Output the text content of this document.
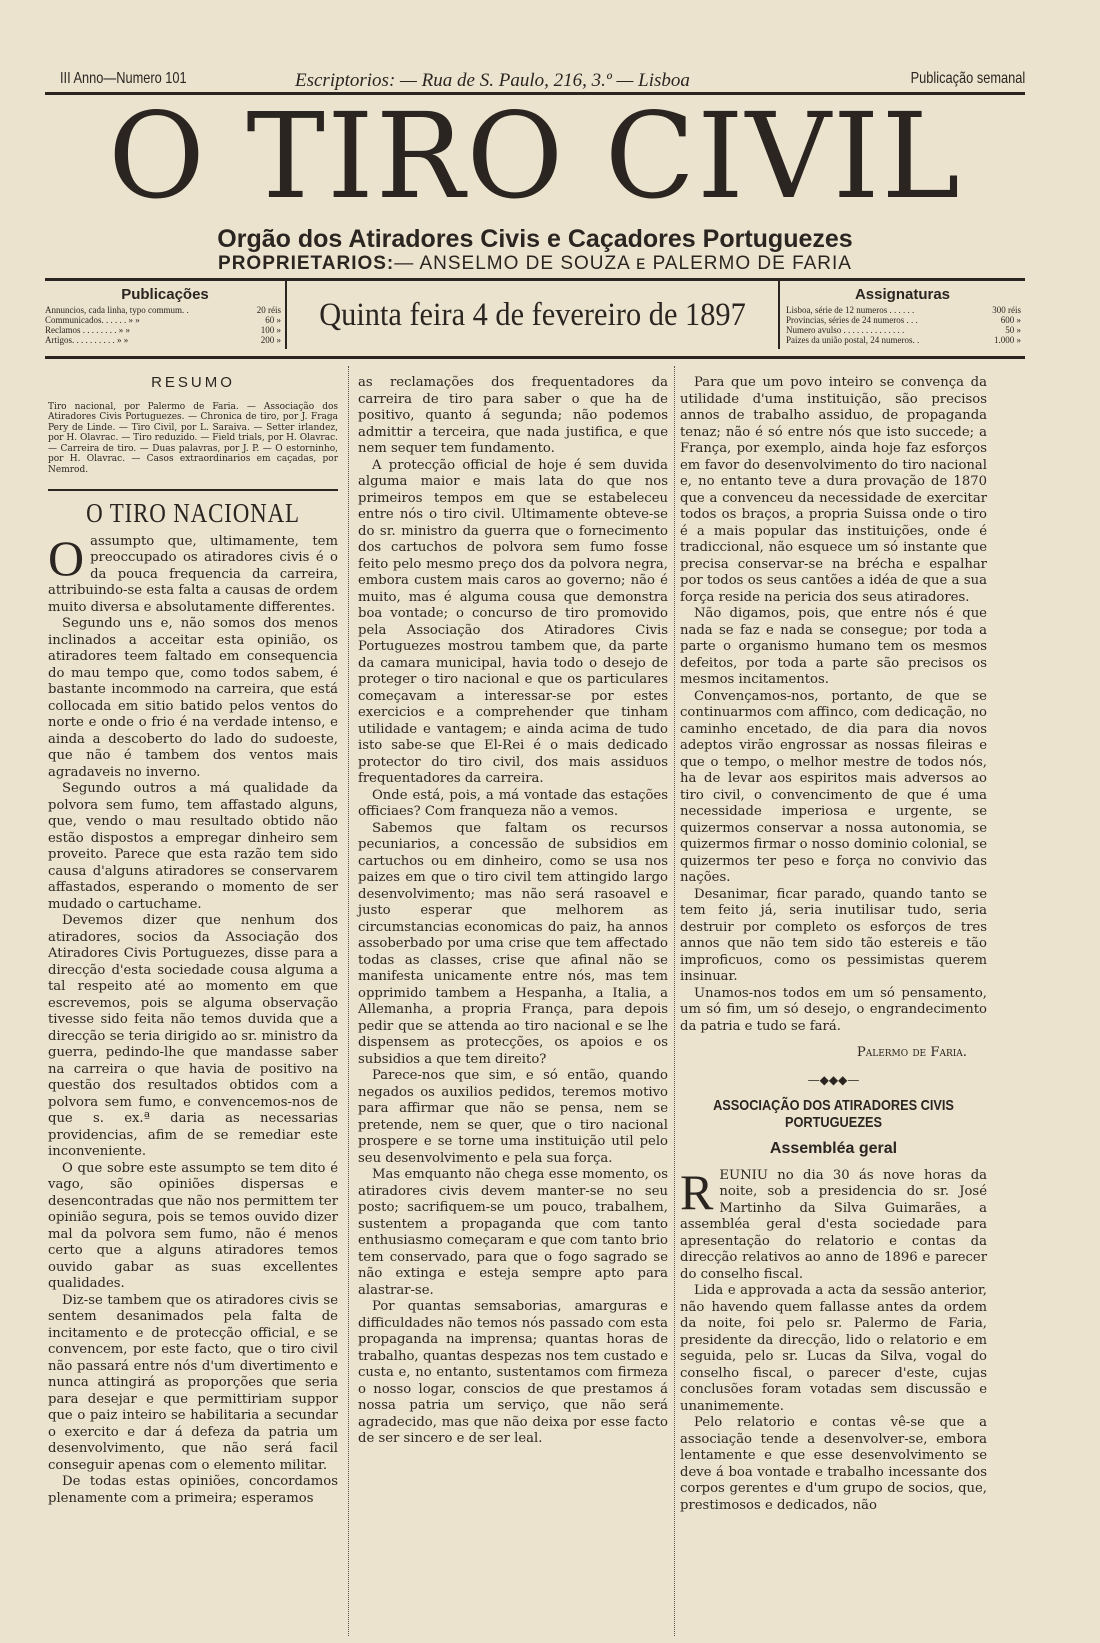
III Anno—Numero 101	Escriptorios: — Rua de S. Paulo, 216, 3.º — Lisboa	Publicação semanal
O TIRO CIVIL
Orgão dos Atiradores Civis e Caçadores Portuguezes
PROPRIETARIOS:— ANSELMO DE SOUZA ᴇ PALERMO DE FARIA
Publicações
Annuncios, cada linha, typo commum. .	20 réis
Communicados. . . . . . » »	60 »
Reclamos . . . . . . . . » »	100 »
Artigos. . . . . . . . . . » »	200 »
Quinta feira 4 de fevereiro de 1897
Assignaturas
Lisboa, série de 12 numeros . . . . . .	300 réis
Provincias, séries de 24 numeros . . .	600 »
Numero avulso . . . . . . . . . . . . . .	50 »
Paizes da união postal, 24 numeros. .	1.000 »
RESUMO
Tiro nacional, por Palermo de Faria. — Associação dos Atiradores Civis Portuguezes. — Chronica de tiro, por J. Fraga Pery de Linde. — Tiro Civil, por L. Saraiva. — Setter irlandez, por H. Olavrac. — Tiro reduzido. — Field trials, por H. Olavrac. — Carreira de tiro. — Duas palavras, por J. P. — O estorninho, por H. Olavrac. — Casos extraordinarios em caçadas, por Nemrod.
O TIRO NACIONAL
O assumpto que, ultimamente, tem preoccupado os atiradores civis é o da pouca frequencia da carreira, attribuindo-se esta falta a causas de ordem muito diversa e absolutamente differentes.

Segundo uns e, não somos dos menos inclinados a acceitar esta opinião, os atiradores teem faltado em consequencia do mau tempo que, como todos sabem, é bastante incommodo na carreira, que está collocada em sitio batido pelos ventos do norte e onde o frio é na verdade intenso, e ainda a descoberto do lado do sudoeste, que não é tambem dos ventos mais agradaveis no inverno.

Segundo outros a má qualidade da polvora sem fumo, tem affastado alguns, que, vendo o mau resultado obtido não estão dispostos a empregar dinheiro sem proveito. Parece que esta razão tem sido causa d'alguns atiradores se conservarem affastados, esperando o momento de ser mudado o cartuchame.

Devemos dizer que nenhum dos atiradores, socios da Associação dos Atiradores Civis Portuguezes, disse para a direcção d'esta sociedade cousa alguma a tal respeito até ao momento em que escrevemos, pois se alguma observação tivesse sido feita não temos duvida que a direcção se teria dirigido ao sr. ministro da guerra, pedindo-lhe que mandasse saber na carreira o que havia de positivo na questão dos resultados obtidos com a polvora sem fumo, e convencemos-nos de que s. ex.ª daria as necessarias providencias, afim de se remediar este inconveniente.

O que sobre este assumpto se tem dito é vago, são opiniões dispersas e desencontradas que não nos permittem ter opinião segura, pois se temos ouvido dizer mal da polvora sem fumo, não é menos certo que a alguns atiradores temos ouvido gabar as suas excellentes qualidades.

Diz-se tambem que os atiradores civis se sentem desanimados pela falta de incitamento e de protecção official, e se convencem, por este facto, que o tiro civil não passará entre nós d'um divertimento e nunca attingirá as proporções que seria para desejar e que permittiriam suppor que o paiz inteiro se habilitaria a secundar o exercito e dar á defeza da patria um desenvolvimento, que não será facil conseguir apenas com o elemento militar.

De todas estas opiniões, concordamos plenamente com a primeira; esperamos

as reclamações dos frequentadores da carreira de tiro para saber o que ha de positivo, quanto á segunda; não podemos admittir a terceira, que nada justifica, e que nem sequer tem fundamento.

A protecção official de hoje é sem duvida alguma maior e mais lata do que nos primeiros tempos em que se estabeleceu entre nós o tiro civil. Ultimamente obteve-se do sr. ministro da guerra que o fornecimento dos cartuchos de polvora sem fumo fosse feito pelo mesmo preço dos da polvora negra, embora custem mais caros ao governo; não é muito, mas é alguma cousa que demonstra boa vontade; o concurso de tiro promovido pela Associação dos Atiradores Civis Portuguezes mostrou tambem que, da parte da camara municipal, havia todo o desejo de proteger o tiro nacional e que os particulares começavam a interessar-se por estes exercicios e a comprehender que tinham utilidade e vantagem; e ainda acima de tudo isto sabe-se que El-Rei é o mais dedicado protector do tiro civil, dos mais assiduos frequentadores da carreira.

Onde está, pois, a má vontade das estações officiaes? Com franqueza não a vemos.

Sabemos que faltam os recursos pecuniarios, a concessão de subsidios em cartuchos ou em dinheiro, como se usa nos paizes em que o tiro civil tem attingido largo desenvolvimento; mas não será rasoavel e justo esperar que melhorem as circumstancias economicas do paiz, ha annos assoberbado por uma crise que tem affectado todas as classes, crise que afinal não se manifesta unicamente entre nós, mas tem opprimido tambem a Hespanha, a Italia, a Allemanha, a propria França, para depois pedir que se attenda ao tiro nacional e se lhe dispensem as protecções, os apoios e os subsidios a que tem direito?

Parece-nos que sim, e só então, quando negados os auxilios pedidos, teremos motivo para affirmar que não se pensa, nem se pretende, nem se quer, que o tiro nacional prospere e se torne uma instituição util pelo seu desenvolvimento e pela sua força.

Mas emquanto não chega esse momento, os atiradores civis devem manter-se no seu posto; sacrifiquem-se um pouco, trabalhem, sustentem a propaganda que com tanto enthusiasmo começaram e que com tanto brio tem conservado, para que o fogo sagrado se não extinga e esteja sempre apto para alastrar-se.

Por quantas semsaborias, amarguras e difficuldades não temos nós passado com esta propaganda na imprensa; quantas horas de trabalho, quantas despezas nos tem custado e custa e, no entanto, sustentamos com firmeza o nosso logar, conscios de que prestamos á nossa patria um serviço, que não será agradecido, mas que não deixa por esse facto de ser sincero e de ser leal.

Para que um povo inteiro se convença da utilidade d'uma instituição, são precisos annos de trabalho assiduo, de propaganda tenaz; não é só entre nós que isto succede; a França, por exemplo, ainda hoje faz esforços em favor do desenvolvimento do tiro nacional e, no entanto teve a dura provação de 1870 que a convenceu da necessidade de exercitar todos os braços, a propria Suissa onde o tiro é a mais popular das instituições, onde é tradiccional, não esquece um só instante que precisa conservar-se na brécha e espalhar por todos os seus cantões a idéa de que a sua força reside na pericia dos seus atiradores.

Não digamos, pois, que entre nós é que nada se faz e nada se consegue; por toda a parte o organismo humano tem os mesmos defeitos, por toda a parte são precisos os mesmos incitamentos.

Convençamos-nos, portanto, de que se continuarmos com affinco, com dedicação, no caminho encetado, de dia para dia novos adeptos virão engrossar as nossas fileiras e que o tempo, o melhor mestre de todos nós, ha de levar aos espiritos mais adversos ao tiro civil, o convencimento de que é uma necessidade imperiosa e urgente, se quizermos conservar a nossa autonomia, se quizermos firmar o nosso dominio colonial, se quizermos ter peso e força no convivio das nações.

Desanimar, ficar parado, quando tanto se tem feito já, seria inutilisar tudo, seria destruir por completo os esforços de tres annos que não tem sido tão estereis e tão improficuos, como os pessimistas querem insinuar.

Unamos-nos todos em um só pensamento, um só fim, um só desejo, o engrandecimento da patria e tudo se fará.

Palermo de Faria.

—◆◆◆—
ASSOCIAÇÃO DOS ATIRADORES CIVIS PORTUGUEZES
Assembléa geral
R EUNIU no dia 30 ás nove horas da noite, sob a presidencia do sr. José Martinho da Silva Guimarães, a assembléa geral d'esta sociedade para apresentação do relatorio e contas da direcção relativos ao anno de 1896 e parecer do conselho fiscal.

Lida e approvada a acta da sessão anterior, não havendo quem fallasse antes da ordem da noite, foi pelo sr. Palermo de Faria, presidente da direcção, lido o relatorio e em seguida, pelo sr. Lucas da Silva, vogal do conselho fiscal, o parecer d'este, cujas conclusões foram votadas sem discussão e unanimemente.

Pelo relatorio e contas vê-se que a associação tende a desenvolver-se, embora lentamente e que esse desenvolvimento se deve á boa vontade e trabalho incessante dos corpos gerentes e d'um grupo de socios, que, prestimosos e dedicados, não
